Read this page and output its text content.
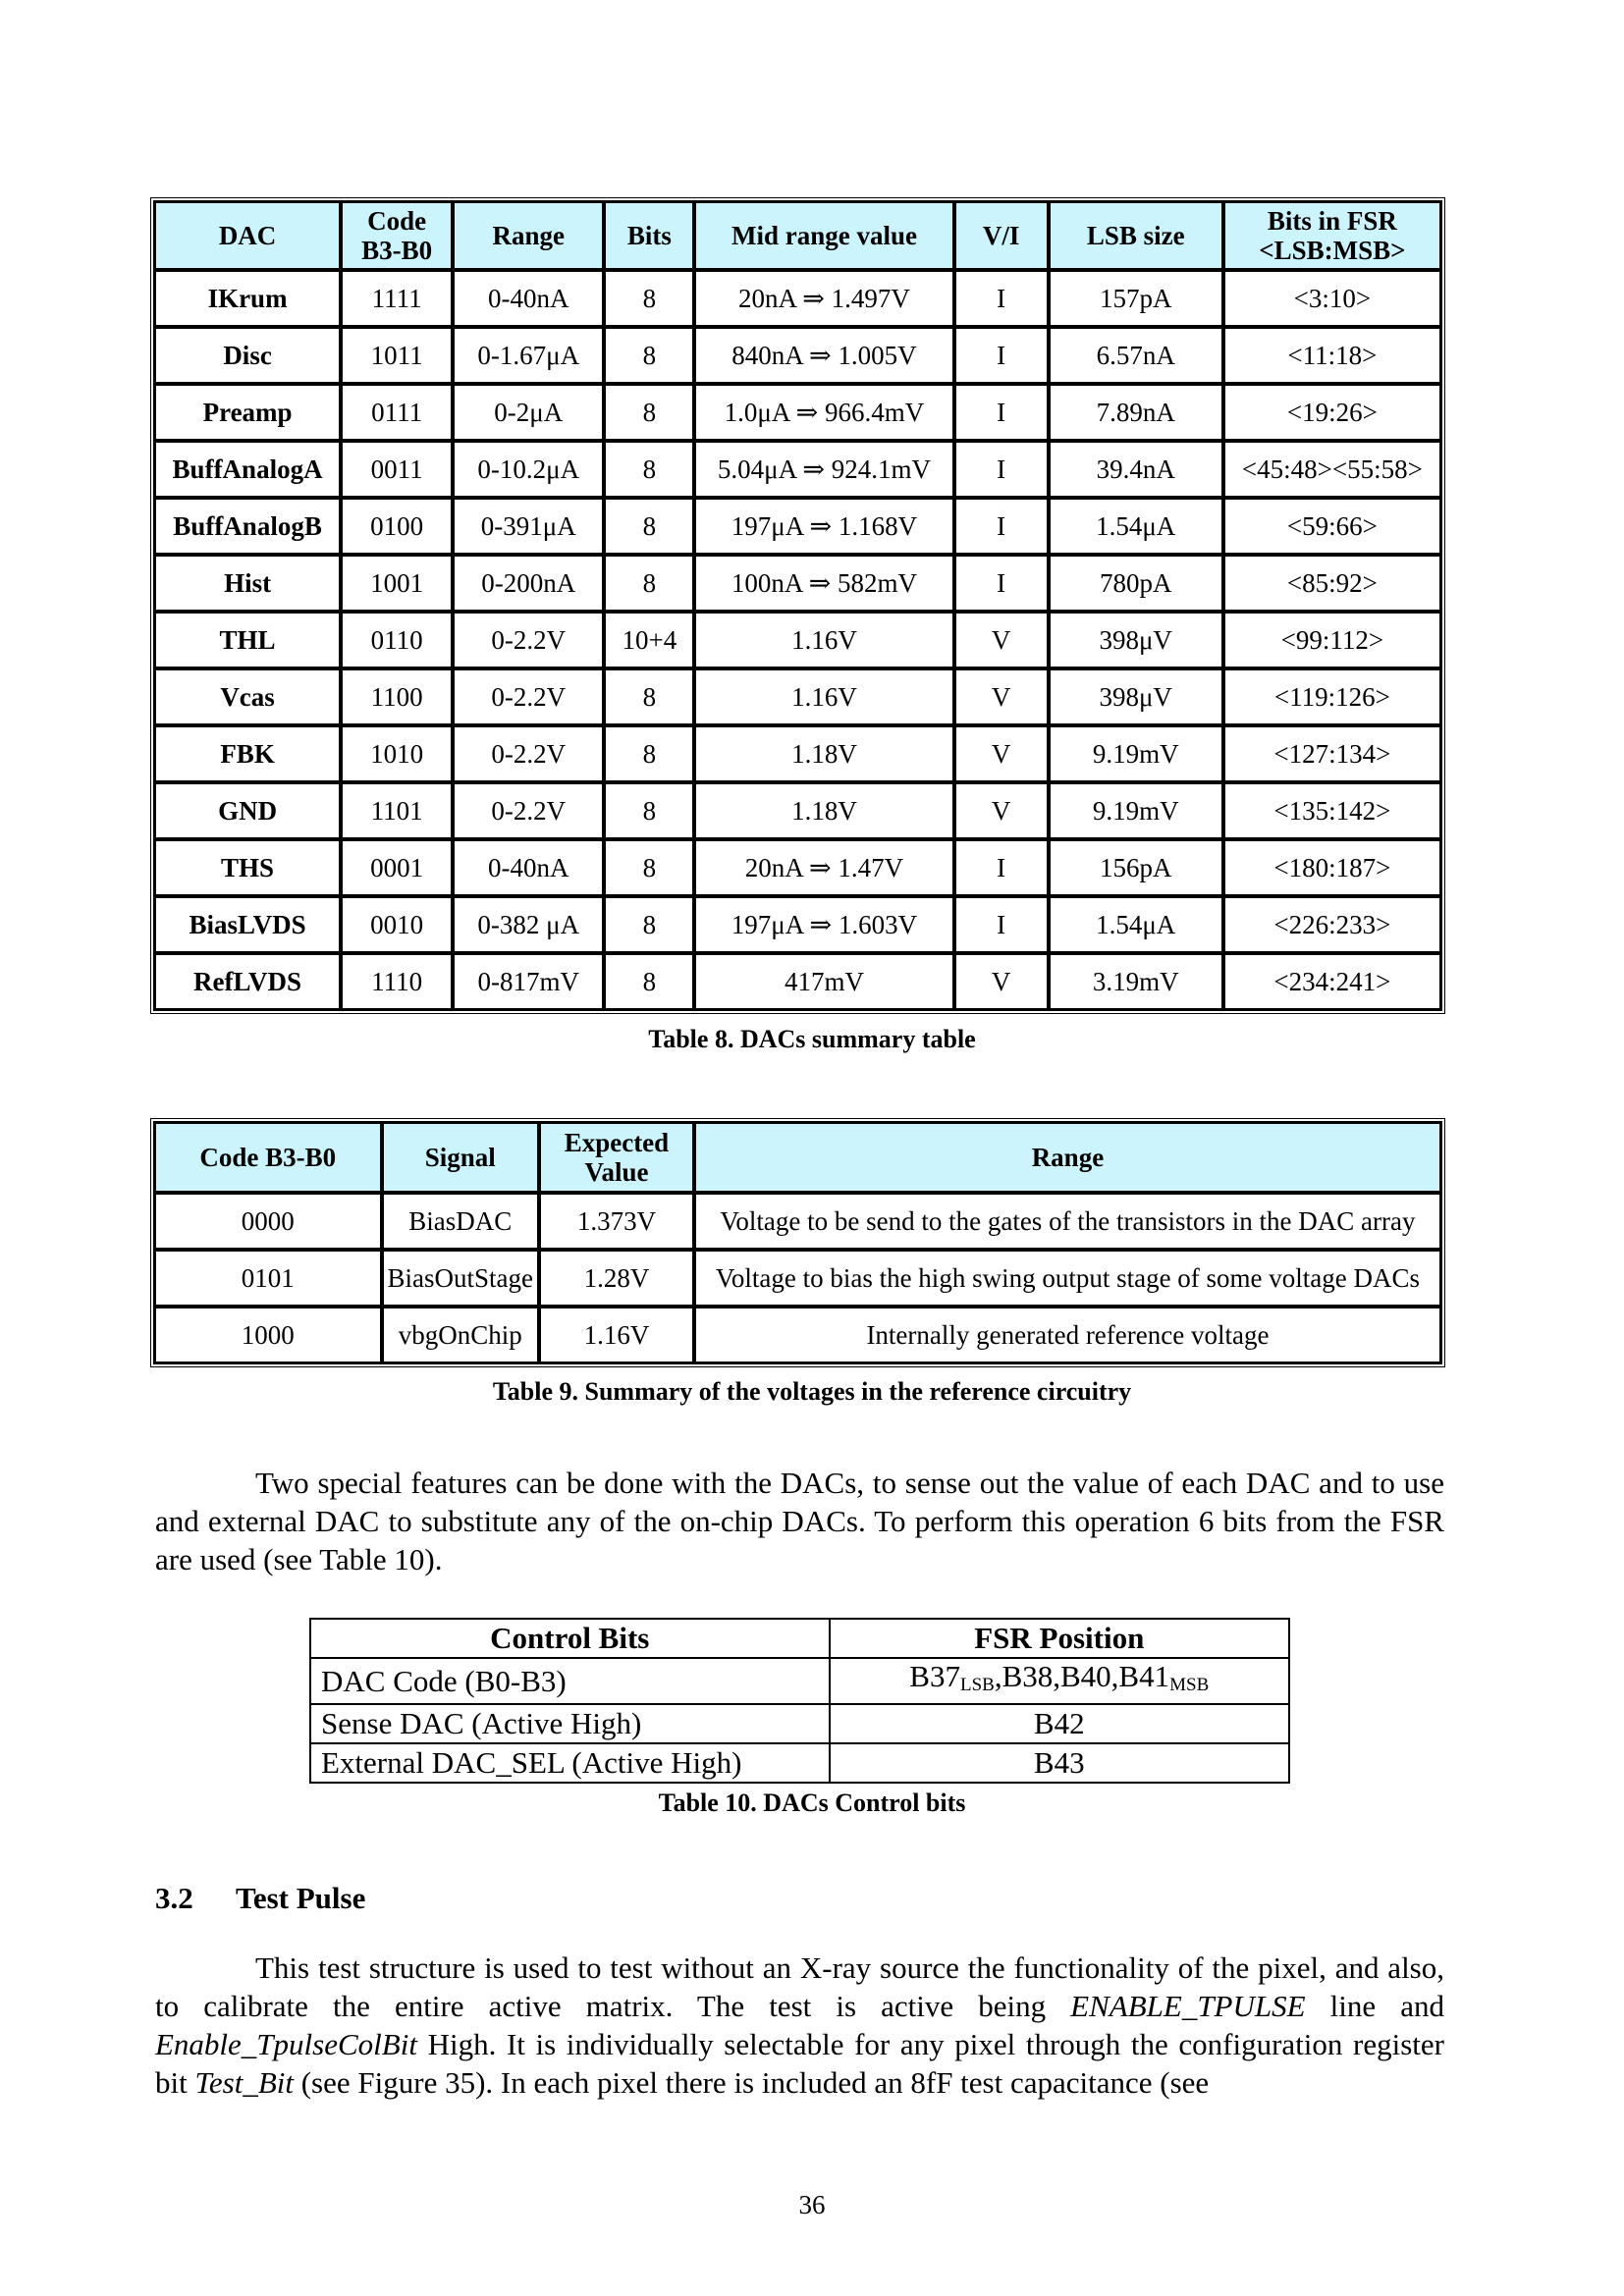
DAC	Code B3-B0	Range	Bits	Mid range value	V/I	LSB size	Bits in FSR <LSB:MSB>
IKrum	1111	0-40nA	8	20nA ⇒ 1.497V	I	157pA	<3:10>
Disc	1011	0-1.67μA	8	840nA ⇒ 1.005V	I	6.57nA	<11:18>
Preamp	0111	0-2μA	8	1.0μA ⇒ 966.4mV	I	7.89nA	<19:26>
BuffAnalogA	0011	0-10.2μA	8	5.04μA ⇒ 924.1mV	I	39.4nA	<45:48><55:58>
BuffAnalogB	0100	0-391μA	8	197μA ⇒ 1.168V	I	1.54μA	<59:66>
Hist	1001	0-200nA	8	100nA ⇒ 582mV	I	780pA	<85:92>
THL	0110	0-2.2V	10+4	1.16V	V	398μV	<99:112>
Vcas	1100	0-2.2V	8	1.16V	V	398μV	<119:126>
FBK	1010	0-2.2V	8	1.18V	V	9.19mV	<127:134>
GND	1101	0-2.2V	8	1.18V	V	9.19mV	<135:142>
THS	0001	0-40nA	8	20nA ⇒ 1.47V	I	156pA	<180:187>
BiasLVDS	0010	0-382 μA	8	197μA ⇒ 1.603V	I	1.54μA	<226:233>
RefLVDS	1110	0-817mV	8	417mV	V	3.19mV	<234:241>
Table 8. DACs summary table
Code B3-B0	Signal	Expected Value	Range
0000	BiasDAC	1.373V	Voltage to be send to the gates of the transistors in the DAC array
0101	BiasOutStage	1.28V	Voltage to bias the high swing output stage of some voltage DACs
1000	vbgOnChip	1.16V	Internally generated reference voltage
Table 9. Summary of the voltages in the reference circuitry
Two special features can be done with the DACs, to sense out the value of each DAC and to use and external DAC to substitute any of the on-chip DACs. To perform this operation 6 bits from the FSR are used (see Table 10).
Control Bits	FSR Position
DAC Code (B0-B3)	$B37_{LSB},B38,B40,B41_{MSB}$
Sense DAC (Active High)	B42
External DAC_SEL (Active High)	B43
Table 10. DACs Control bits
3.2 Test Pulse
This test structure is used to test without an X-ray source the functionality of the pixel, and also, to calibrate the entire active matrix. The test is active being ENABLE_TPULSE line and Enable_TpulseColBit High. It is individually selectable for any pixel through the configuration register bit Test_Bit (see Figure 35). In each pixel there is included an 8fF test capacitance (see
36
